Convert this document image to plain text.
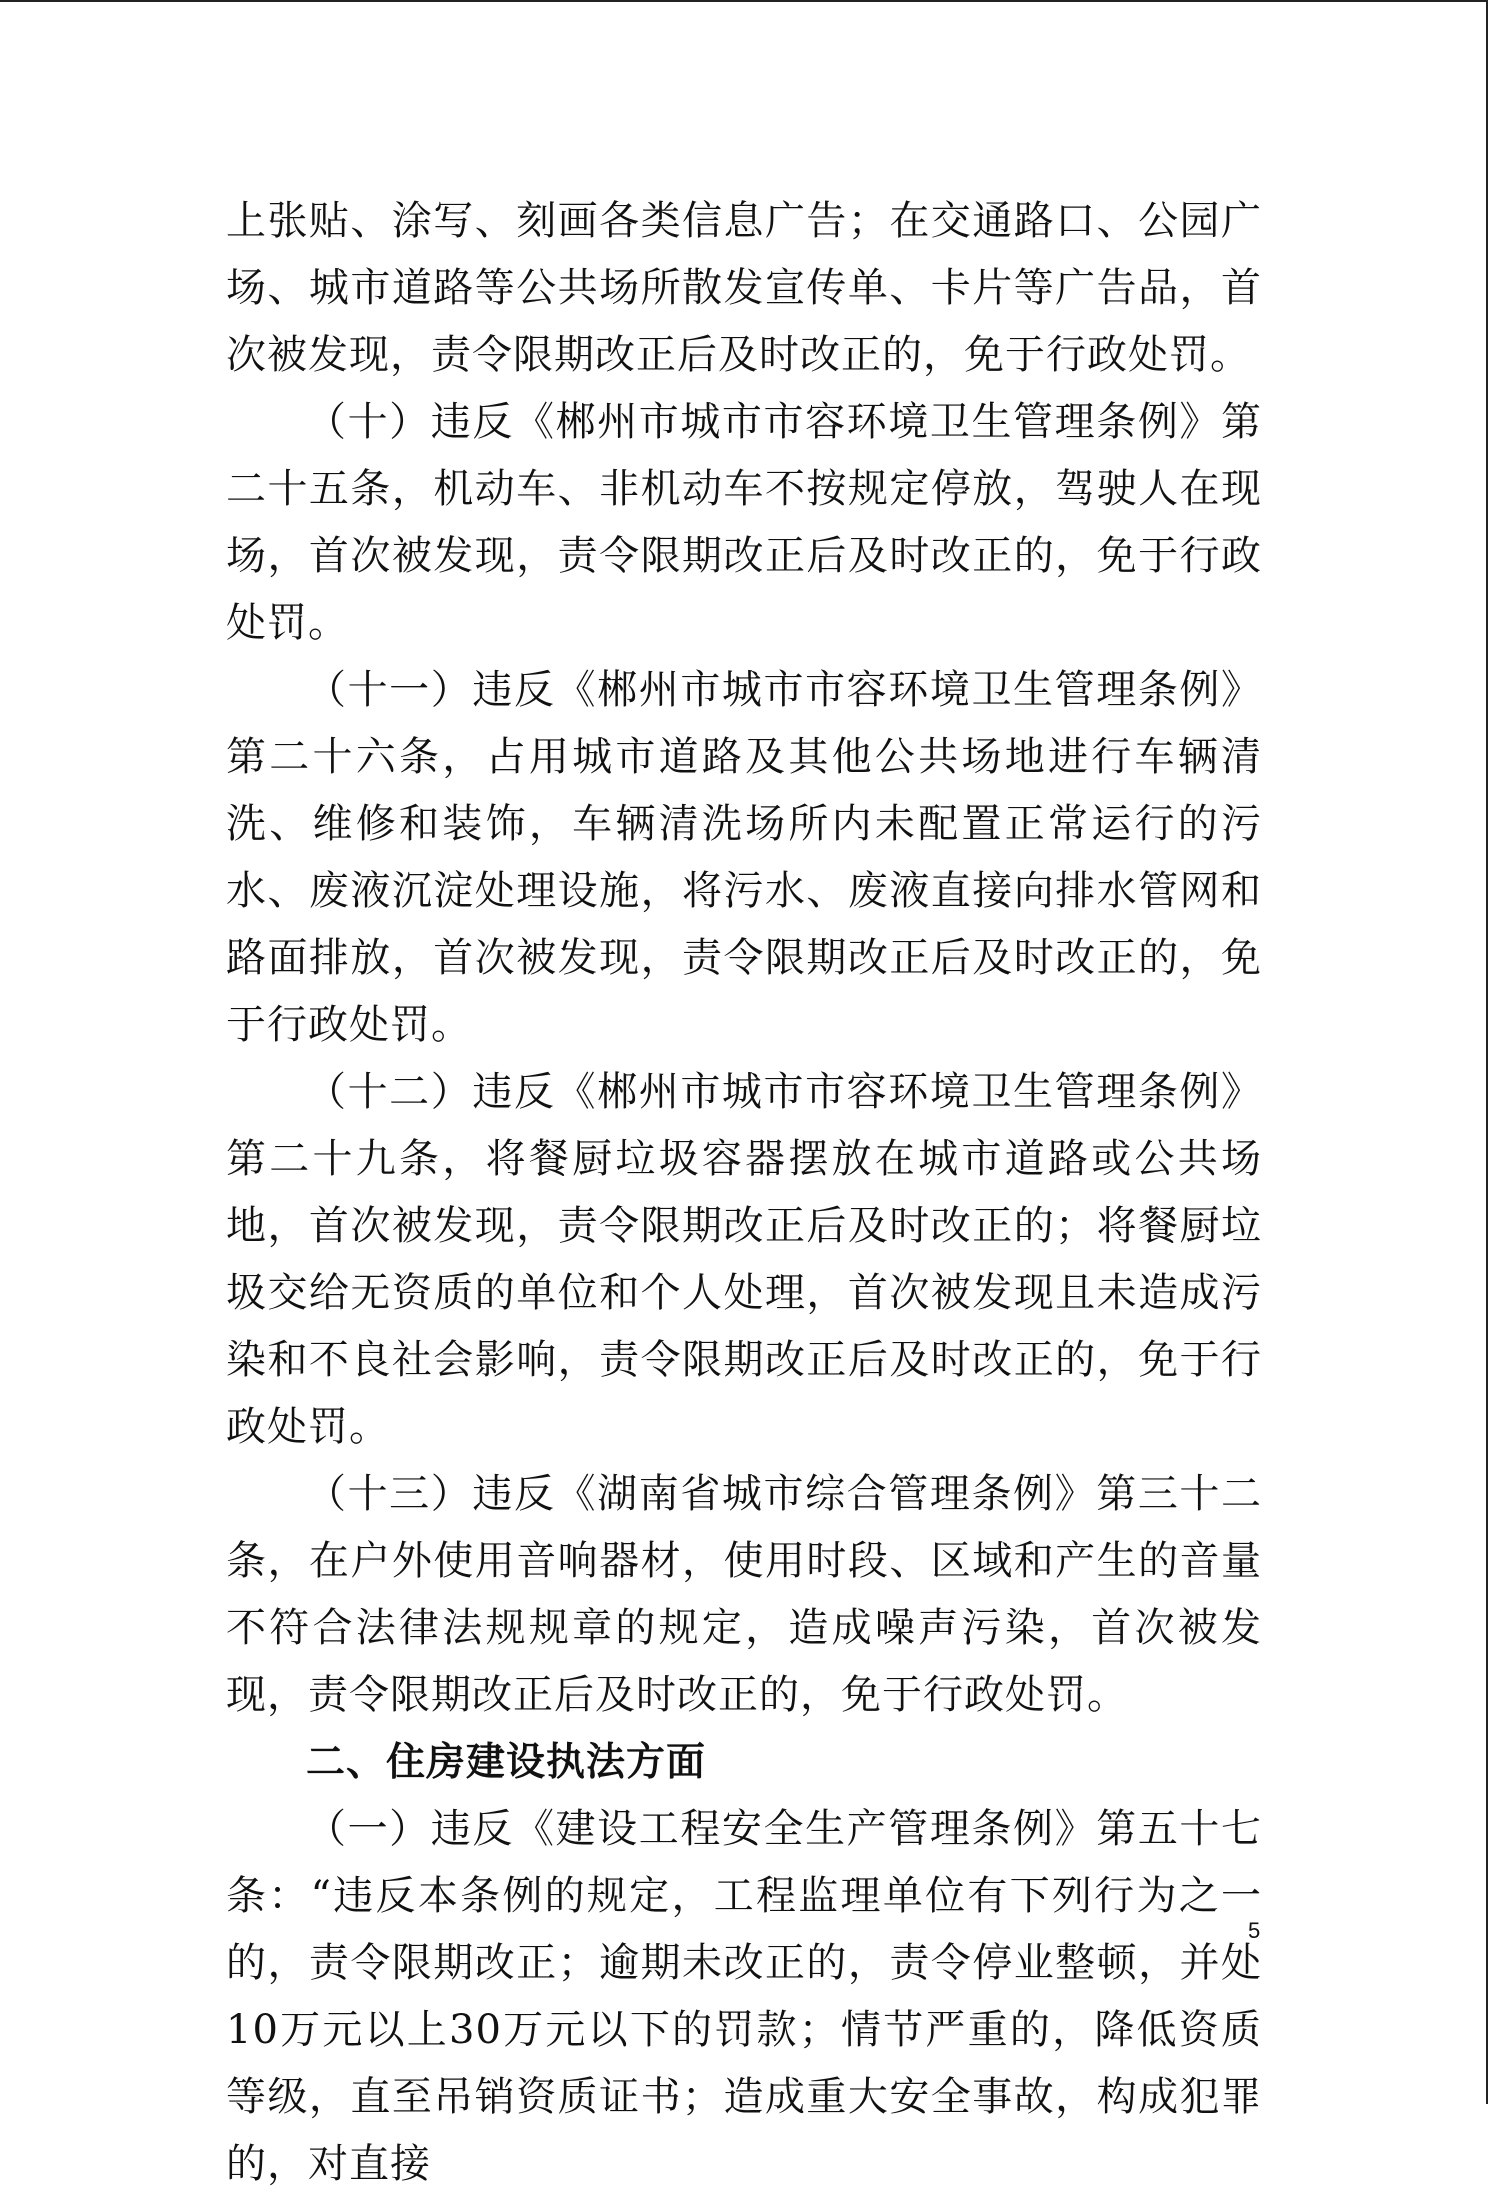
上张贴、涂写、刻画各类信息广告；在交通路口、公园广场、城市道路等公共场所散发宣传单、卡片等广告品，首次被发现，责令限期改正后及时改正的，免于行政处罚。

（十）违反《郴州市城市市容环境卫生管理条例》第二十五条，机动车、非机动车不按规定停放，驾驶人在现场，首次被发现，责令限期改正后及时改正的，免于行政处罚。

（十一）违反《郴州市城市市容环境卫生管理条例》第二十六条，占用城市道路及其他公共场地进行车辆清洗、维修和装饰，车辆清洗场所内未配置正常运行的污水、废液沉淀处理设施，将污水、废液直接向排水管网和路面排放，首次被发现，责令限期改正后及时改正的，免于行政处罚。

（十二）违反《郴州市城市市容环境卫生管理条例》第二十九条，将餐厨垃圾容器摆放在城市道路或公共场地，首次被发现，责令限期改正后及时改正的；将餐厨垃圾交给无资质的单位和个人处理，首次被发现且未造成污染和不良社会影响，责令限期改正后及时改正的，免于行政处罚。

（十三）违反《湖南省城市综合管理条例》第三十二条，在户外使用音响器材，使用时段、区域和产生的音量不符合法律法规规章的规定，造成噪声污染，首次被发现，责令限期改正后及时改正的，免于行政处罚。

二、住房建设执法方面

（一）违反《建设工程安全生产管理条例》第五十七条：“违反本条例的规定，工程监理单位有下列行为之一的，责令限期改正；逾期未改正的，责令停业整顿，并处10万元以上30万元以下的罚款；情节严重的，降低资质等级，直至吊销资质证书；造成重大安全事故，构成犯罪的，对直接

5
